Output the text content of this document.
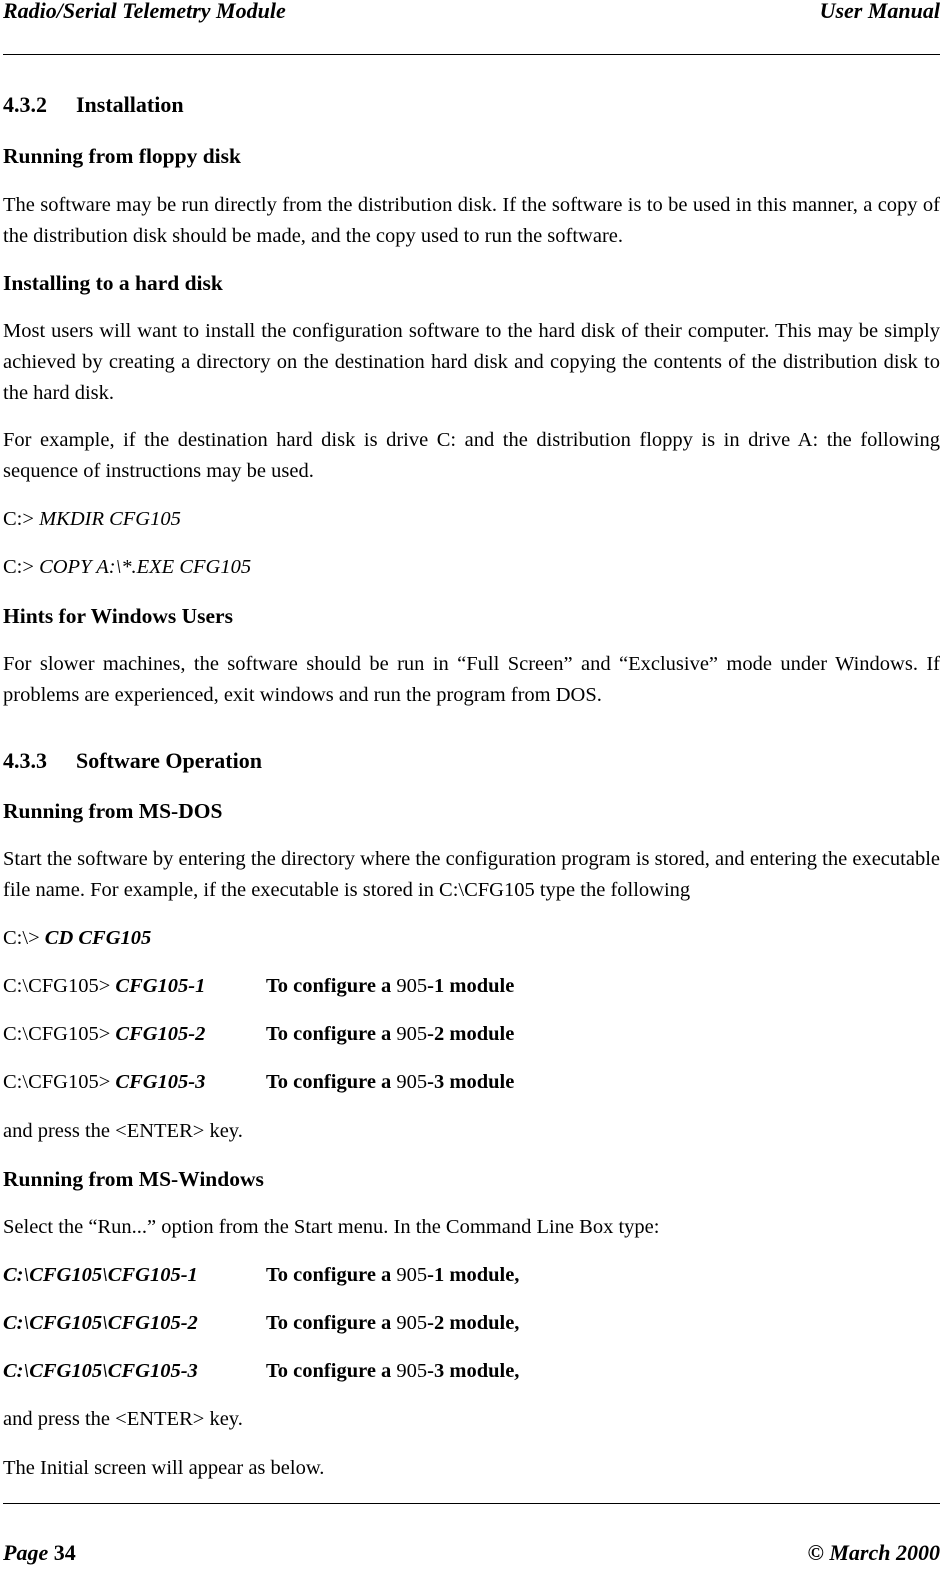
Radio/Serial Telemetry Module	User Manual
4.3.2 Installation
Running from floppy disk
The software may be run directly from the distribution disk. If the software is to be used in this manner, a copy of the distribution disk should be made, and the copy used to run the software.
Installing to a hard disk
Most users will want to install the configuration software to the hard disk of their computer. This may be simply achieved by creating a directory on the destination hard disk and copying the contents of the distribution disk to the hard disk.
For example, if the destination hard disk is drive C: and the distribution floppy is in drive A: the following sequence of instructions may be used.
C:> MKDIR CFG105
C:> COPY A:\*.EXE CFG105
Hints for Windows Users
For slower machines, the software should be run in “Full Screen” and “Exclusive” mode under Windows. If problems are experienced, exit windows and run the program from DOS.
4.3.3 Software Operation
Running from MS-DOS
Start the software by entering the directory where the configuration program is stored, and entering the executable file name. For example, if the executable is stored in C:\CFG105 type the following
C:\> CD CFG105
C:\CFG105> CFG105-1	To configure a 905-1 module
C:\CFG105> CFG105-2	To configure a 905-2 module
C:\CFG105> CFG105-3	To configure a 905-3 module
and press the <ENTER> key.
Running from MS-Windows
Select the “Run...” option from the Start menu. In the Command Line Box type:
C:\CFG105\CFG105-1	To configure a 905-1 module,
C:\CFG105\CFG105-2	To configure a 905-2 module,
C:\CFG105\CFG105-3	To configure a 905-3 module,
and press the <ENTER> key.
The Initial screen will appear as below.
Page 34	© March 2000
